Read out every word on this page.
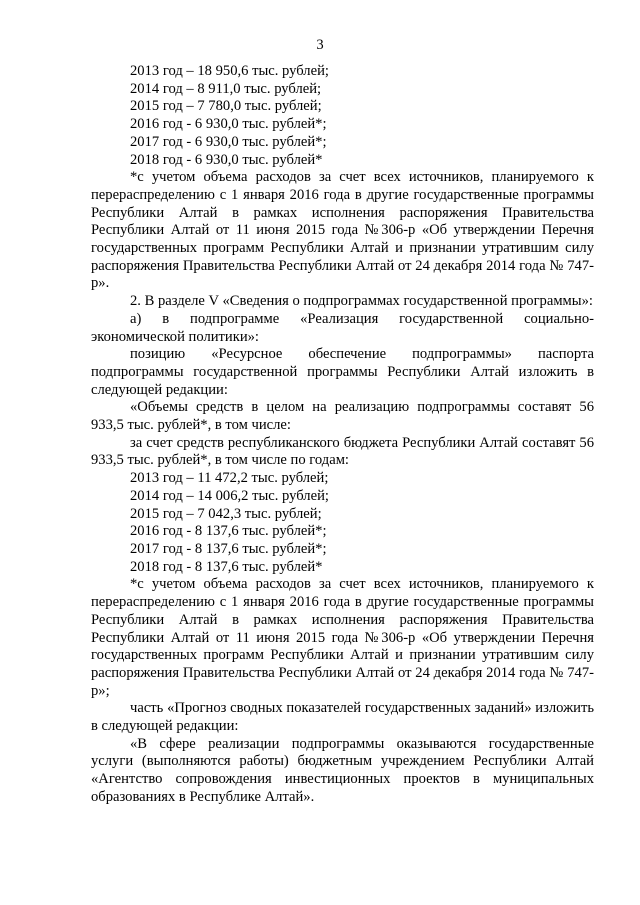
3

2013 год – 18 950,6 тыс. рублей;

2014 год – 8 911,0 тыс. рублей;

2015 год – 7 780,0 тыс. рублей;

2016 год - 6 930,0 тыс. рублей*;

2017 год - 6 930,0 тыс. рублей*;

2018 год - 6 930,0 тыс. рублей*

*с учетом объема расходов за счет всех источников, планируемого к перераспределению с 1 января 2016 года в другие государственные программы Республики Алтай в рамках исполнения распоряжения Правительства Республики Алтай от 11 июня 2015 года №306-р «Об утверждении Перечня государственных программ Республики Алтай и признании утратившим силу распоряжения Правительства Республики Алтай от 24 декабря 2014 года № 747-р».

2. В разделе V «Сведения о подпрограммах государственной программы»:

а) в подпрограмме «Реализация государственной социально-экономической политики»:

позицию «Ресурсное обеспечение подпрограммы» паспорта подпрограммы государственной программы Республики Алтай изложить в следующей редакции:

«Объемы средств в целом на реализацию подпрограммы составят 56 933,5 тыс. рублей*, в том числе:

за счет средств республиканского бюджета Республики Алтай составят 56 933,5 тыс. рублей*, в том числе по годам:

2013 год – 11 472,2 тыс. рублей;

2014 год – 14 006,2 тыс. рублей;

2015 год – 7 042,3 тыс. рублей;

2016 год - 8 137,6 тыс. рублей*;

2017 год - 8 137,6 тыс. рублей*;

2018 год - 8 137,6 тыс. рублей*

*с учетом объема расходов за счет всех источников, планируемого к перераспределению с 1 января 2016 года в другие государственные программы Республики Алтай в рамках исполнения распоряжения Правительства Республики Алтай от 11 июня 2015 года №306-р «Об утверждении Перечня государственных программ Республики Алтай и признании утратившим силу распоряжения Правительства Республики Алтай от 24 декабря 2014 года № 747-р»;

часть «Прогноз сводных показателей государственных заданий» изложить в следующей редакции:

«В сфере реализации подпрограммы оказываются государственные услуги (выполняются работы) бюджетным учреждением Республики Алтай «Агентство сопровождения инвестиционных проектов в муниципальных образованиях в Республике Алтай».
